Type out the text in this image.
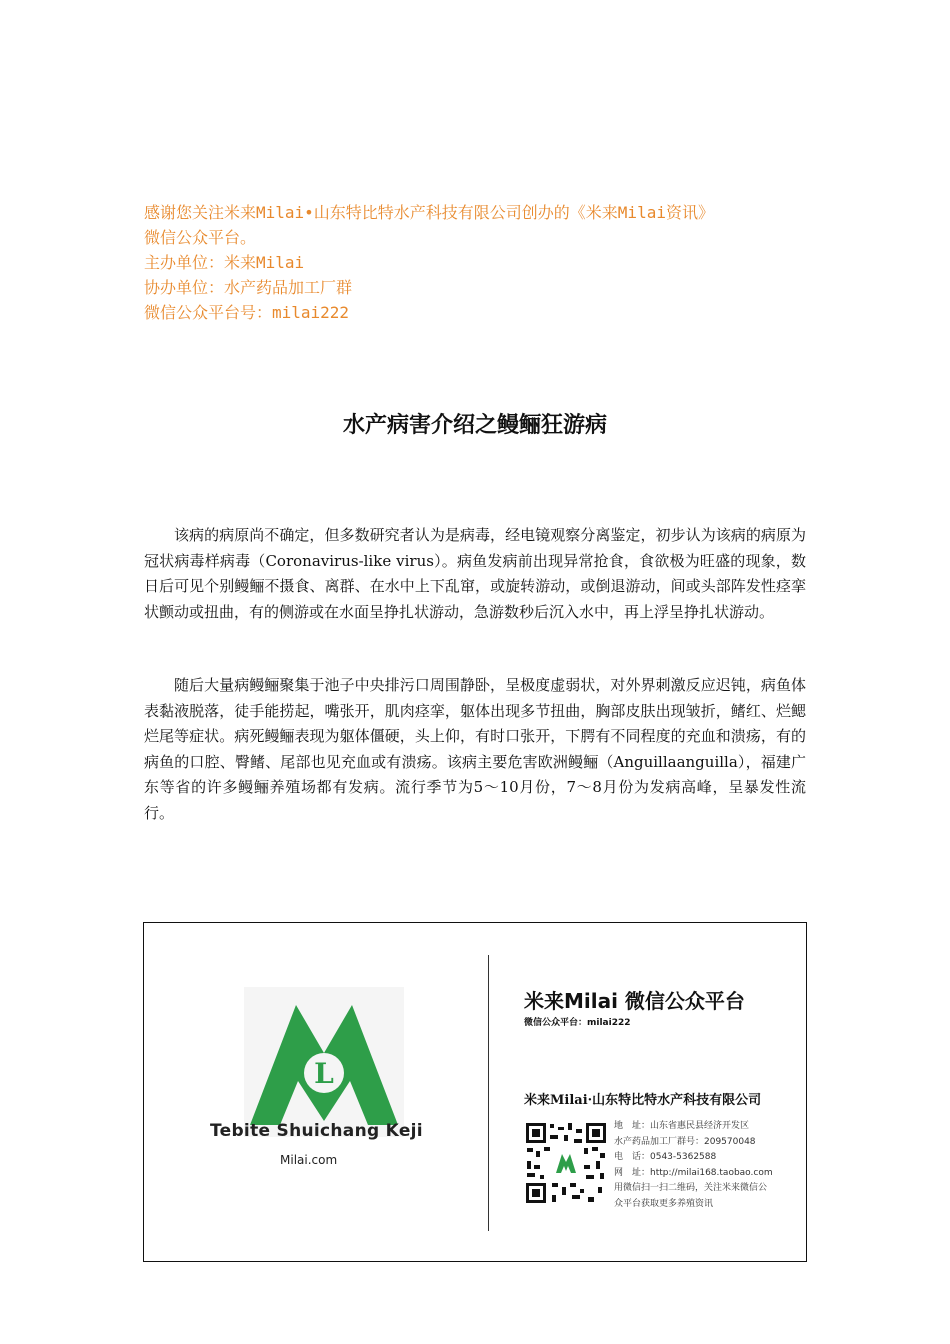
感谢您关注米来Milai•山东特比特水产科技有限公司创办的《米来Milai资讯》
微信公众平台。
主办单位：米来Milai
协办单位：水产药品加工厂群
微信公众平台号：milai222
水产病害介绍之鳗鲡狂游病

该病的病原尚不确定，但多数研究者认为是病毒，经电镜观察分离鉴定，初步认为该病的病原为冠状病毒样病毒（Coronavirus-like virus）。病鱼发病前出现异常抢食，食欲极为旺盛的现象，数日后可见个别鳗鲡不摄食、离群、在水中上下乱窜，或旋转游动，或倒退游动，间或头部阵发性痉挛状颤动或扭曲，有的侧游或在水面呈挣扎状游动，急游数秒后沉入水中，再上浮呈挣扎状游动。

随后大量病鳗鲡聚集于池子中央排污口周围静卧，呈极度虚弱状，对外界刺激反应迟钝，病鱼体表黏液脱落，徒手能捞起，嘴张开，肌肉痉挛，躯体出现多节扭曲，胸部皮肤出现皱折，鳍红、烂鳃烂尾等症状。病死鳗鲡表现为躯体僵硬，头上仰，有时口张开，下腭有不同程度的充血和溃疡，有的病鱼的口腔、臀鳍、尾部也见充血或有溃疡。该病主要危害欧洲鳗鲡（Anguillaanguilla），福建广东等省的许多鳗鲡养殖场都有发病。流行季节为5～10月份，7～8月份为发病高峰，呈暴发性流行。

L
Tebite Shuichang Keji
Milai.com
米来Milai 微信公众平台
微信公众平台：milai222
米来Milai·山东特比特水产科技有限公司
地　址：山东省惠民县经济开发区
水产药品加工厂群号：209570048
电　话：0543-5362588
网　址：http://milai168.taobao.com
用微信扫一扫二维码，关注米来微信公
众平台获取更多养殖资讯
